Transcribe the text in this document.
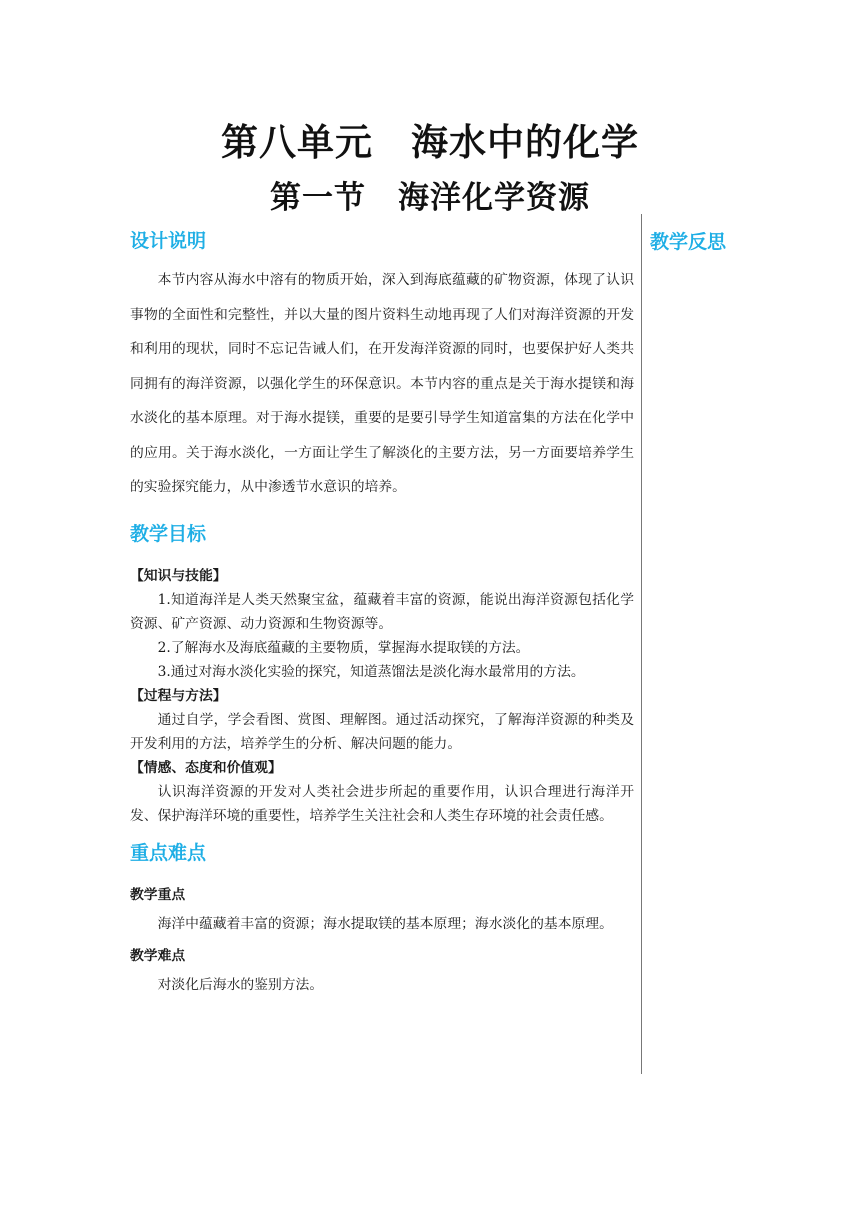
第八单元　海水中的化学
第一节　海洋化学资源
教学反思
设计说明

本节内容从海水中溶有的物质开始，深入到海底蕴藏的矿物资源，体现了认识事物的全面性和完整性，并以大量的图片资料生动地再现了人们对海洋资源的开发和利用的现状，同时不忘记告诫人们，在开发海洋资源的同时，也要保护好人类共同拥有的海洋资源，以强化学生的环保意识。本节内容的重点是关于海水提镁和海水淡化的基本原理。对于海水提镁，重要的是要引导学生知道富集的方法在化学中的应用。关于海水淡化，一方面让学生了解淡化的主要方法，另一方面要培养学生的实验探究能力，从中渗透节水意识的培养。

教学目标

【知识与技能】

1.知道海洋是人类天然聚宝盆，蕴藏着丰富的资源，能说出海洋资源包括化学资源、矿产资源、动力资源和生物资源等。

2.了解海水及海底蕴藏的主要物质，掌握海水提取镁的方法。

3.通过对海水淡化实验的探究，知道蒸馏法是淡化海水最常用的方法。

【过程与方法】

通过自学，学会看图、赏图、理解图。通过活动探究，了解海洋资源的种类及开发利用的方法，培养学生的分析、解决问题的能力。

【情感、态度和价值观】

认识海洋资源的开发对人类社会进步所起的重要作用，认识合理进行海洋开发、保护海洋环境的重要性，培养学生关注社会和人类生存环境的社会责任感。

重点难点

教学重点

海洋中蕴藏着丰富的资源；海水提取镁的基本原理；海水淡化的基本原理。

教学难点

对淡化后海水的鉴别方法。
